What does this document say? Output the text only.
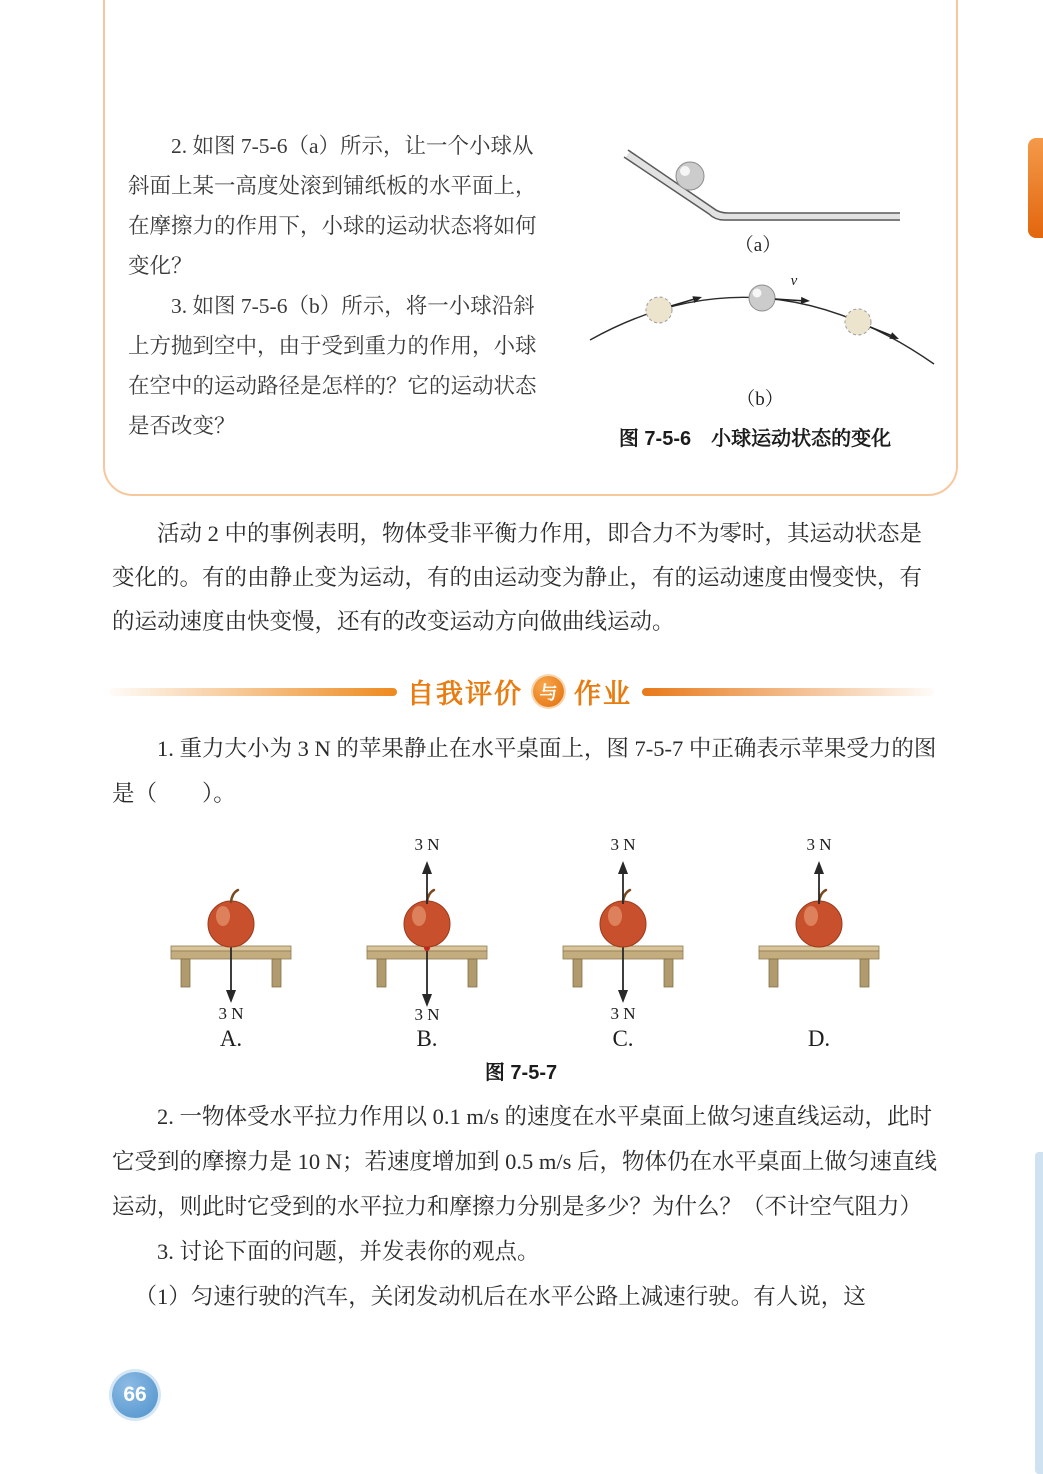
2. 如图 7-5-6（a）所示，让一个小球从斜面上某一高度处滚到铺纸板的水平面上，在摩擦力的作用下，小球的运动状态将如何变化？

3. 如图 7-5-6（b）所示，将一小球沿斜上方抛到空中，由于受到重力的作用，小球在空中的运动路径是怎样的？它的运动状态是否改变？

（a）
v
（b）
图 7-5-6　小球运动状态的变化

活动 2 中的事例表明，物体受非平衡力作用，即合力不为零时，其运动状态是变化的。有的由静止变为运动，有的由运动变为静止，有的运动速度由慢变快，有的运动速度由快变慢，还有的改变运动方向做曲线运动。

自我评价 与 作业

1. 重力大小为 3 N 的苹果静止在水平桌面上，图 7-5-7 中正确表示苹果受力的图是（　　）。

3 N
A.
3 N
3 N
B.
3 N
3 N
C.
3 N
D.
图 7-5-7

2. 一物体受水平拉力作用以 0.1 m/s 的速度在水平桌面上做匀速直线运动，此时它受到的摩擦力是 10 N；若速度增加到 0.5 m/s 后，物体仍在水平桌面上做匀速直线运动，则此时它受到的水平拉力和摩擦力分别是多少？为什么？（不计空气阻力）

3. 讨论下面的问题，并发表你的观点。

（1）匀速行驶的汽车，关闭发动机后在水平公路上减速行驶。有人说，这

66
